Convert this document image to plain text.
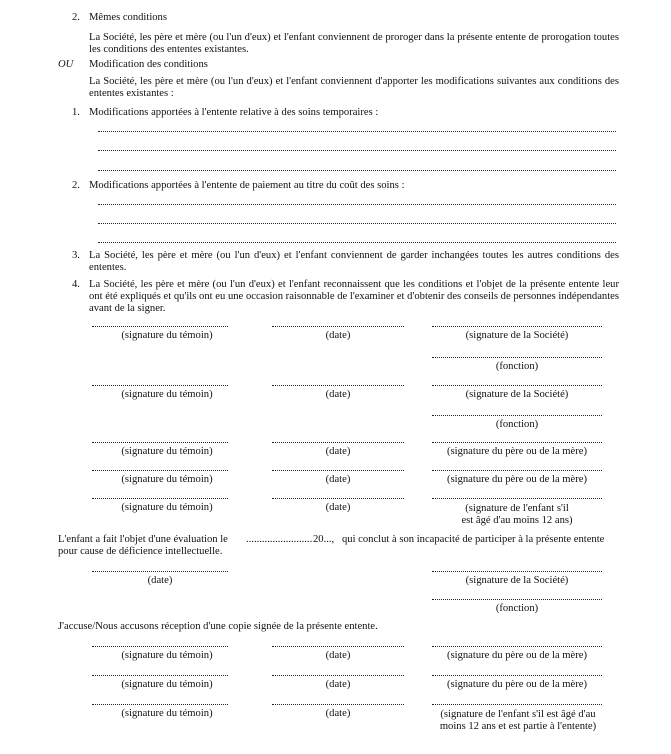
2. Mêmes conditions
La Société, les père et mère (ou l'un d'eux) et l'enfant conviennent de proroger dans la présente entente de prorogation toutes les conditions des ententes existantes.
OU Modification des conditions
La Société, les père et mère (ou l'un d'eux) et l'enfant conviennent d'apporter les modifications suivantes aux conditions des ententes existantes :
1. Modifications apportées à l'entente relative à des soins temporaires :
2. Modifications apportées à l'entente de paiement au titre du coût des soins :
3. La Société, les père et mère (ou l'un d'eux) et l'enfant conviennent de garder inchangées toutes les autres conditions des ententes.
4. La Société, les père et mère (ou l'un d'eux) et l'enfant reconnaissent que les conditions et l'objet de la présente entente leur ont été expliqués et qu'ils ont eu une occasion raisonnable de l'examiner et d'obtenir des conseils de personnes indépendantes avant de la signer.
(signature du témoin)	(date)	(signature de la Société)
(fonction)
(signature du témoin)	(date)	(signature de la Société)
(fonction)
(signature du témoin)	(date)	(signature du père ou de la mère)
(signature du témoin)	(date)	(signature du père ou de la mère)
(signature du témoin)	(date)	(signature de l'enfant s'il
est âgé d'au moins 12 ans)
L'enfant a fait l'objet d'une évaluation le ......................... 20..., qui conclut à son incapacité de participer à la présente entente
pour cause de déficience intellectuelle.
(date)	(signature de la Société)
(fonction)
J'accuse/Nous accusons réception d'une copie signée de la présente entente.
(signature du témoin)	(date)	(signature du père ou de la mère)
(signature du témoin)	(date)	(signature du père ou de la mère)
(signature du témoin)	(date)	(signature de l'enfant s'il est âgé d'au
moins 12 ans et est partie à l'entente)
